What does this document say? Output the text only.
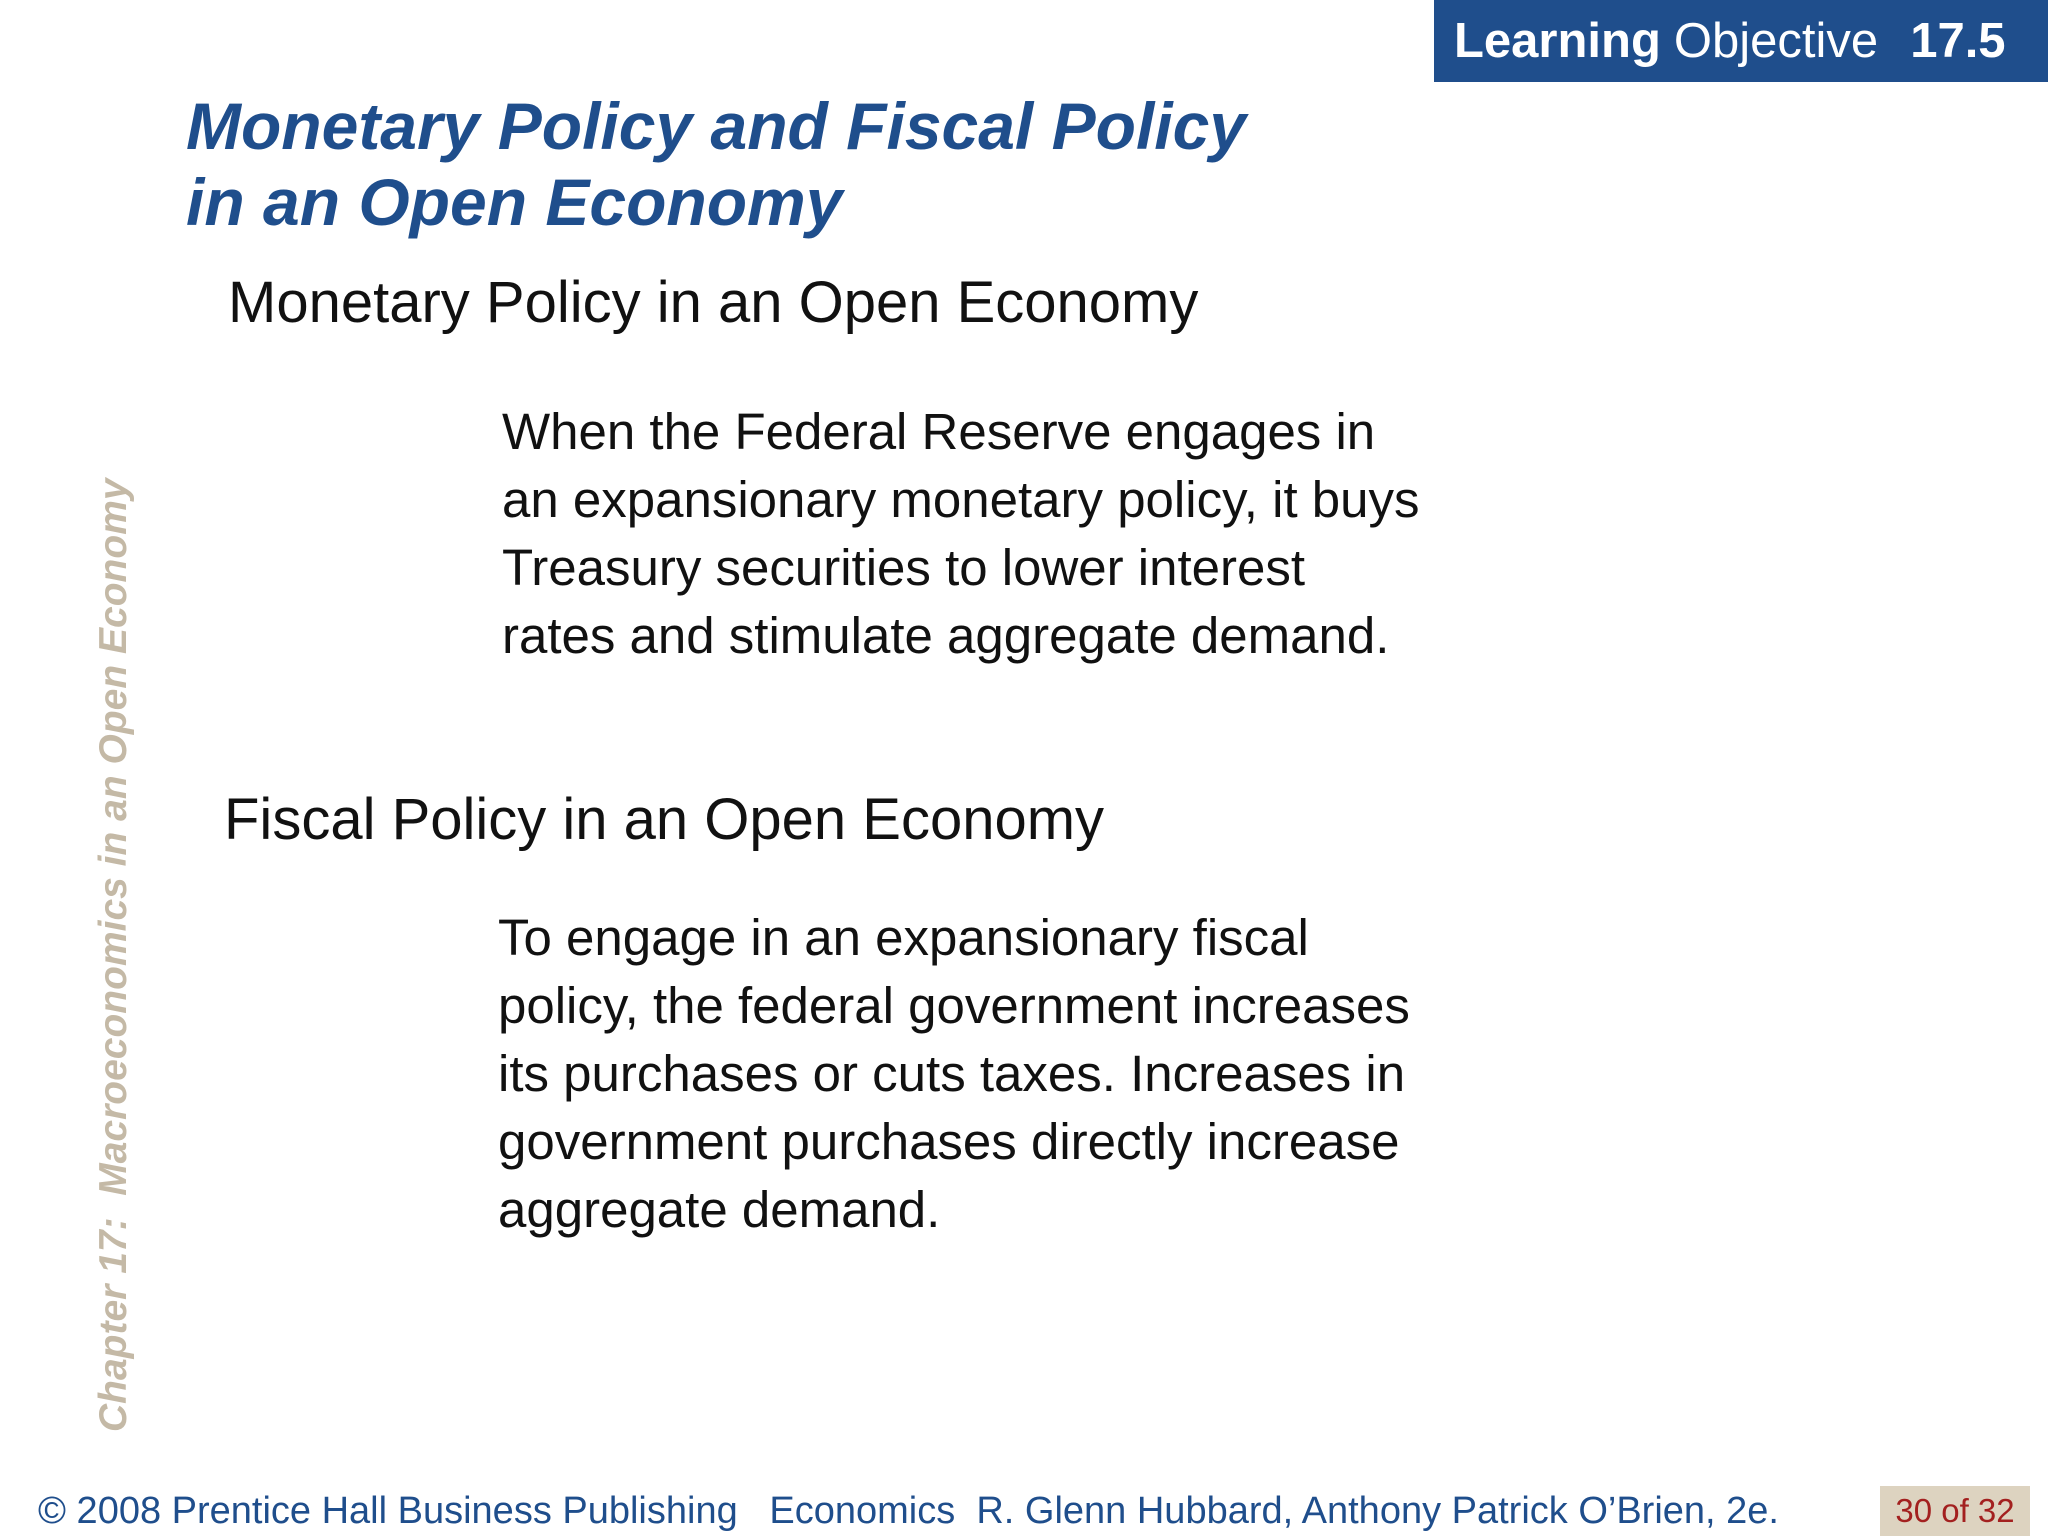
Learning Objective 17.5
Monetary Policy and Fiscal Policy
in an Open Economy
Monetary Policy in an Open Economy

When the Federal Reserve engages in
an expansionary monetary policy, it buys
Treasury securities to lower interest
rates and stimulate aggregate demand.

Fiscal Policy in an Open Economy

To engage in an expansionary fiscal
policy, the federal government increases
its purchases or cuts taxes. Increases in
government purchases directly increase
aggregate demand.

Chapter 17:  Macroeconomics in an Open Economy
© 2008 Prentice Hall Business Publishing   Economics  R. Glenn Hubbard, Anthony Patrick O’Brien, 2e.	30 of 32
